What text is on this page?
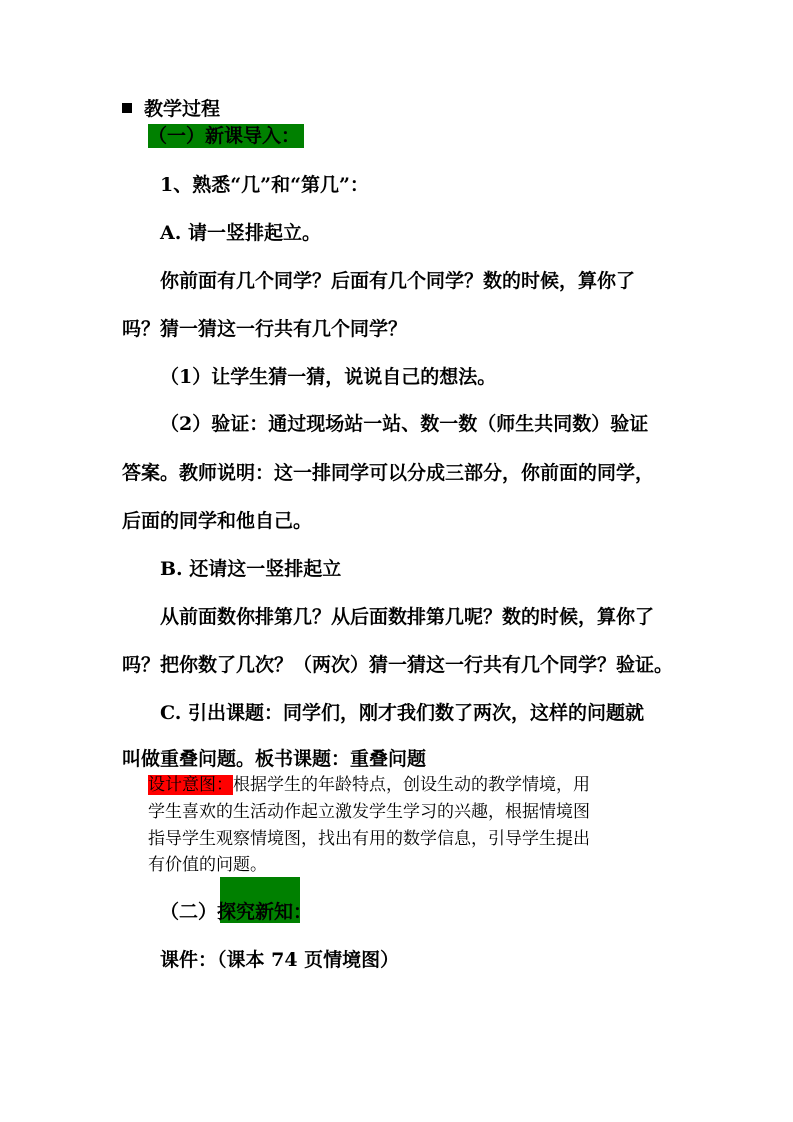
教学过程
（一）新课导入：
1、熟悉“几”和“第几”：
A. 请一竖排起立。
你前面有几个同学？后面有几个同学？数的时候，算你了
吗？猜一猜这一行共有几个同学？
（1）让学生猜一猜，说说自己的想法。
（2）验证：通过现场站一站、数一数（师生共同数）验证
答案。教师说明：这一排同学可以分成三部分，你前面的同学，
后面的同学和他自己。
B. 还请这一竖排起立
从前面数你排第几？从后面数排第几呢？数的时候，算你了
吗？把你数了几次？（两次）猜一猜这一行共有几个同学？验证。
C. 引出课题：同学们，刚才我们数了两次，这样的问题就
叫做重叠问题。板书课题：重叠问题
设计意图：根据学生的年龄特点，创设生动的教学情境，用
学生喜欢的生活动作起立激发学生学习的兴趣，根据情境图
指导学生观察情境图，找出有用的数学信息，引导学生提出
有价值的问题。
（二）探究新知：
课件：（课本 74 页情境图）
